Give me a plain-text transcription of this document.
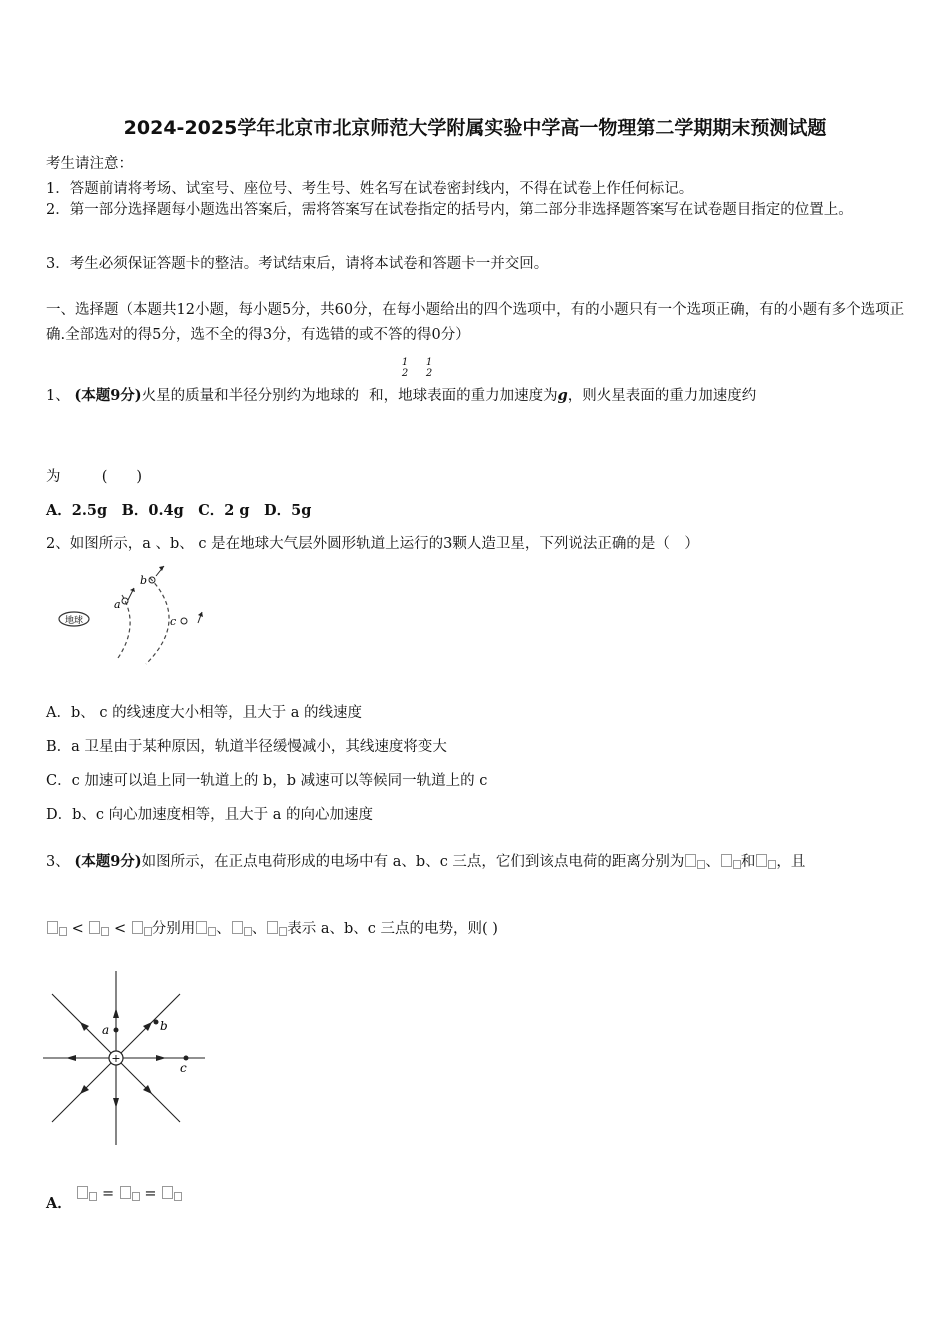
2024-2025学年北京市北京师范大学附属实验中学高一物理第二学期期末预测试题
考生请注意：
1．答题前请将考场、试室号、座位号、考生号、姓名写在试卷密封线内，不得在试卷上作任何标记。
2．第一部分选择题每小题选出答案后，需将答案写在试卷指定的括号内，第二部分非选择题答案写在试卷题目指定的位置上。
3．考生必须保证答题卡的整洁。考试结束后，请将本试卷和答题卡一并交回。
一、选择题（本题共12小题，每小题5分，共60分，在每小题给出的四个选项中，有的小题只有一个选项正确，有的小题有多个选项正确.全部选对的得5分，选不全的得3分，有选错的或不答的得0分）
1
2
1
2
1、 (本题9分)火星的质量和半径分别约为地球的 和，地球表面的重力加速度为g，则火星表面的重力加速度约
为	(　　)
A．2.5g　B．0.4g　C．2 g　D．5g
2、如图所示，a 、b、 c 是在地球大气层外圆形轨道上运行的3颗人造卫星，下列说法正确的是（　）
地球
a
b
c
A．b、 c 的线速度大小相等，且大于 a 的线速度
B．a 卫星由于某种原因，轨道半径缓慢减小，其线速度将变大
C．c 加速可以追上同一轨道上的 b，b 减速可以等候同一轨道上的 c
D．b、c 向心加速度相等，且大于 a 的向心加速度
3、 (本题9分)如图所示，在正点电荷形成的电场中有 a、b、c 三点，它们到该点电荷的距离分别为 、 和 ，且
< < 分别用 、 、 表示 a、b、c 三点的电势，则( )
+
a	b
c
A．  = =
